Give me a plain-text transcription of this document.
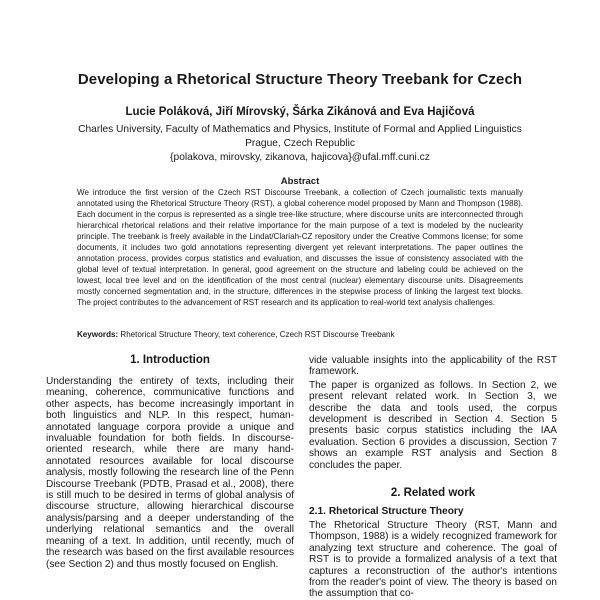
Developing a Rhetorical Structure Theory Treebank for Czech
Lucie Poláková, Jiří Mírovský, Šárka Zikánová and Eva Hajičová
Charles University, Faculty of Mathematics and Physics, Institute of Formal and Applied Linguistics
Prague, Czech Republic
{polakova, mirovsky, zikanova, hajicova}@ufal.mff.cuni.cz
Abstract
We introduce the first version of the Czech RST Discourse Treebank, a collection of Czech journalistic texts manually annotated using the Rhetorical Structure Theory (RST), a global coherence model proposed by Mann and Thompson (1988). Each document in the corpus is represented as a single tree-like structure, where discourse units are interconnected through hierarchical rhetorical relations and their relative importance for the main purpose of a text is modeled by the nuclearity principle. The treebank is freely available in the Lindat/Clariah-CZ repository under the Creative Commons license; for some documents, it includes two gold annotations representing divergent yet relevant interpretations. The paper outlines the annotation process, provides corpus statistics and evaluation, and discusses the issue of consistency associated with the global level of textual interpretation. In general, good agreement on the structure and labeling could be achieved on the lowest, local tree level and on the identification of the most central (nuclear) elementary discourse units. Disagreements mostly concerned segmentation and, in the structure, differences in the stepwise process of linking the largest text blocks. The project contributes to the advancement of RST research and its application to real-world text analysis challenges.
Keywords: Rhetorical Structure Theory, text coherence, Czech RST Discourse Treebank
1. Introduction

Understanding the entirety of texts, including their meaning, coherence, communicative functions and other aspects, has become increasingly important in both linguistics and NLP. In this respect, human-annotated language corpora provide a unique and invaluable foundation for both fields. In discourse-oriented research, while there are many hand-annotated resources available for local discourse analysis, mostly following the research line of the Penn Discourse Treebank (PDTB, Prasad et al., 2008), there is still much to be desired in terms of global analysis of discourse structure, allowing hierarchical discourse analysis/parsing and a deeper understanding of the underlying relational semantics and the overall meaning of a text. In addition, until recently, much of the research was based on the first available resources (see Section 2) and thus mostly focused on English.

vide valuable insights into the applicability of the RST framework.

The paper is organized as follows. In Section 2, we present relevant related work. In Section 3, we describe the data and tools used, the corpus development is described in Section 4. Section 5 presents basic corpus statistics including the IAA evaluation. Section 6 provides a discussion, Section 7 shows an example RST analysis and Section 8 concludes the paper.

2. Related work
2.1. Rhetorical Structure Theory

The Rhetorical Structure Theory (RST, Mann and Thompson, 1988) is a widely recognized framework for analyzing text structure and coherence. The goal of RST is to provide a formalized analysis of a text that captures a reconstruction of the author's intentions from the reader's point of view. The theory is based on the assumption that co-
